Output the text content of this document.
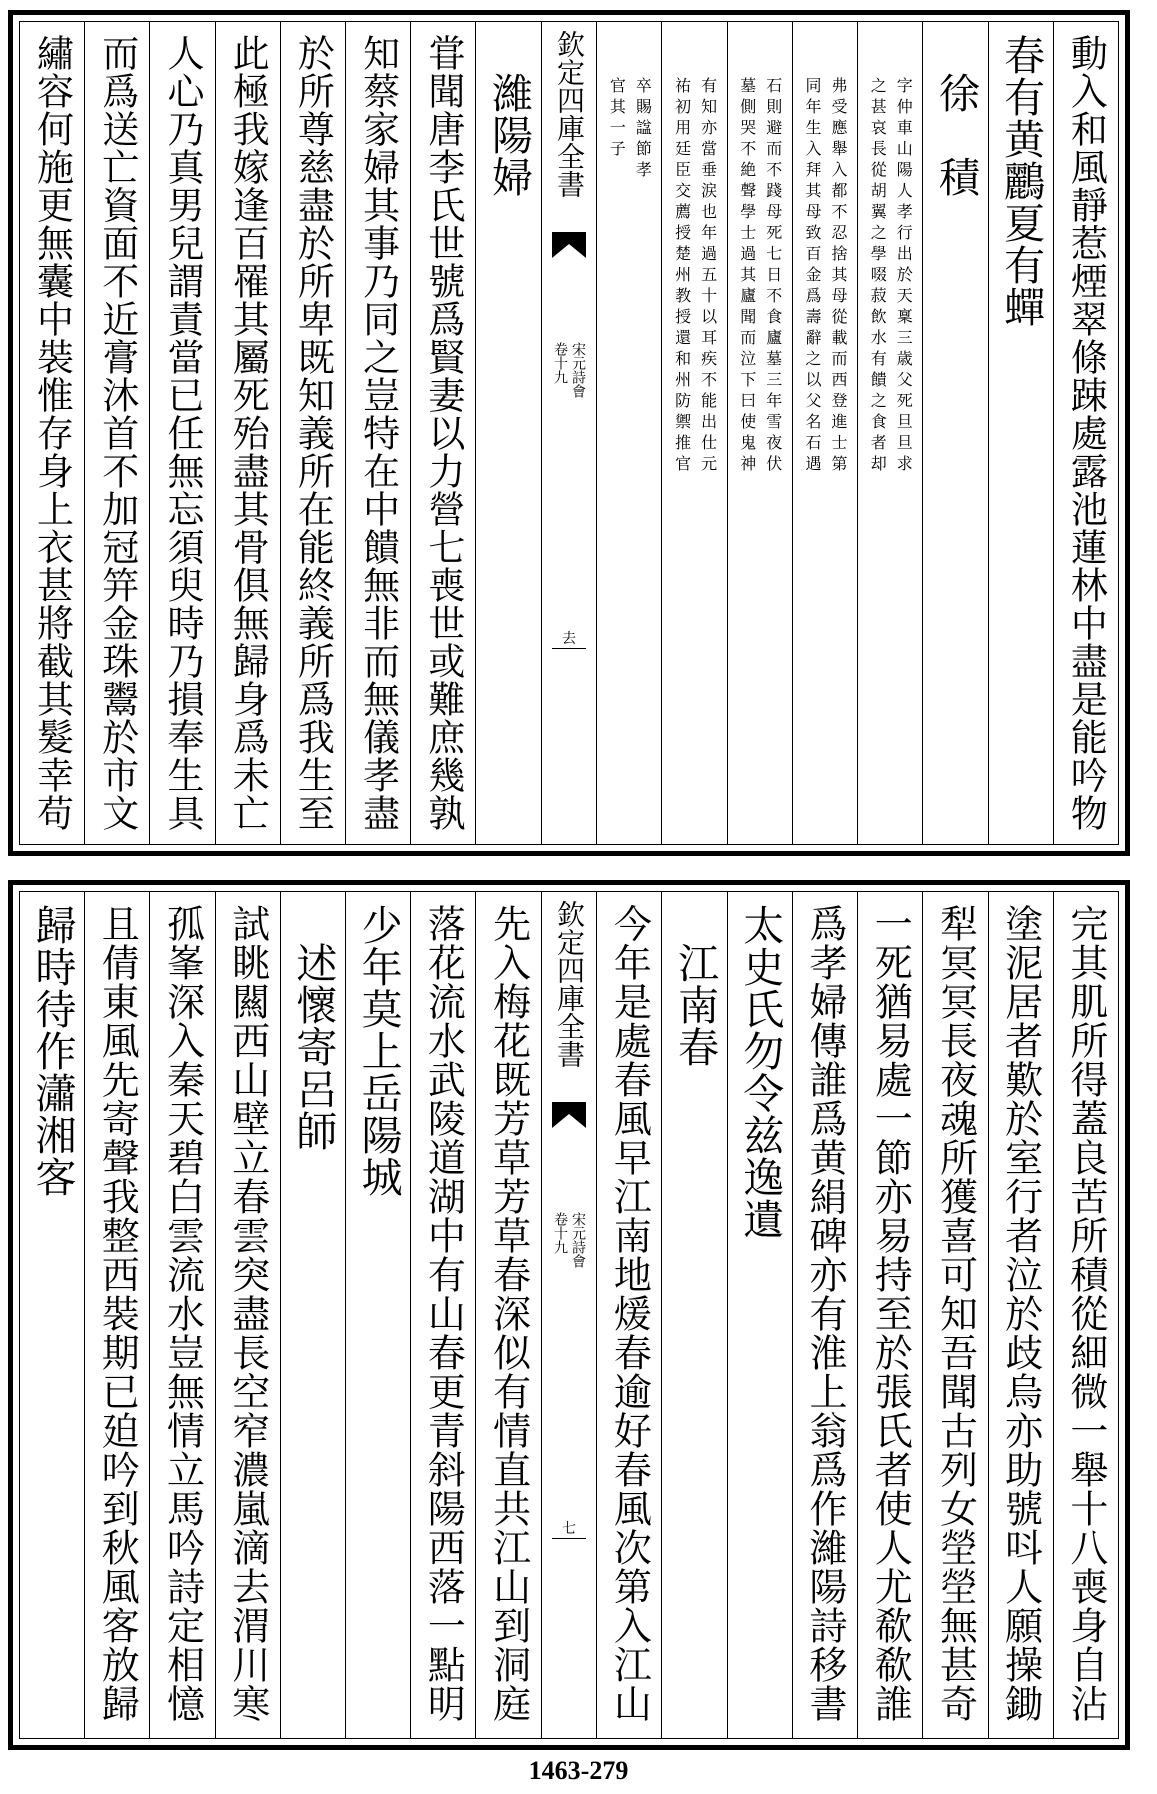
動入和風靜惹煙翠條踈處露池蓮林中盡是能吟物
春有黄鸝夏有蟬
徐　積
字仲車山陽人孝行出於天稟三歳父死旦旦求
之甚哀長從胡翼之學啜菽飲水有饋之食者却
弗受應舉入都不忍捨其母從載而西登進士第
同年生入拜其母致百金爲壽辭之以父名石遇
石則避而不踐母死七日不食廬墓三年雪夜伏
墓側哭不絶聲學士過其廬聞而泣下曰使鬼神
有知亦當垂涙也年過五十以耳疾不能出仕元
祐初用廷臣交薦授楚州教授還和州防禦推官
卒賜諡節孝
官其一子
欽定四庫全書
宋元詩會
卷十九
去
濰陽婦
甞聞唐李氏世號爲賢妻以力營七喪世或難庶幾孰
知蔡家婦其事乃同之豈特在中饋無非而無儀孝盡
於所尊慈盡於所卑既知義所在能終義所爲我生至
此極我嫁逢百罹其屬死殆盡其骨俱無歸身爲未亡
人心乃真男兒謂責當已任無忘須臾時乃損奉生具
而爲送亡資面不近膏沐首不加冠笄金珠鬻於市文
繡容何施更無囊中裝惟存身上衣甚將截其髮幸苟
完其肌所得蓋良苦所積從細微一舉十八喪身自沾
塗泥居者歎於室行者泣於歧烏亦助號呌人願操鋤
犁冥冥長夜魂所獲喜可知吾聞古列女塋塋無甚奇
一死猶易處一節亦易持至於張氏者使人尤欷欷誰
爲孝婦傳誰爲黄絹碑亦有淮上翁爲作濰陽詩移書
太史氏勿令兹逸遺
江南春
今年是處春風早江南地煖春逾好春風次第入江山
欽定四庫全書
宋元詩會
卷十九
七
先入梅花既芳草芳草春深似有情直共江山到洞庭
落花流水武陵道湖中有山春更青斜陽西落一點明
少年莫上岳陽城
述懷寄呂師
試眺闗西山壁立春雲突盡長空窄濃嵐滴去渭川寒
孤峯深入秦天碧白雲流水豈無情立馬吟詩定相憶
且倩東風先寄聲我整西裝期已廹吟到秋風客放歸
歸時待作瀟湘客
1463-279
